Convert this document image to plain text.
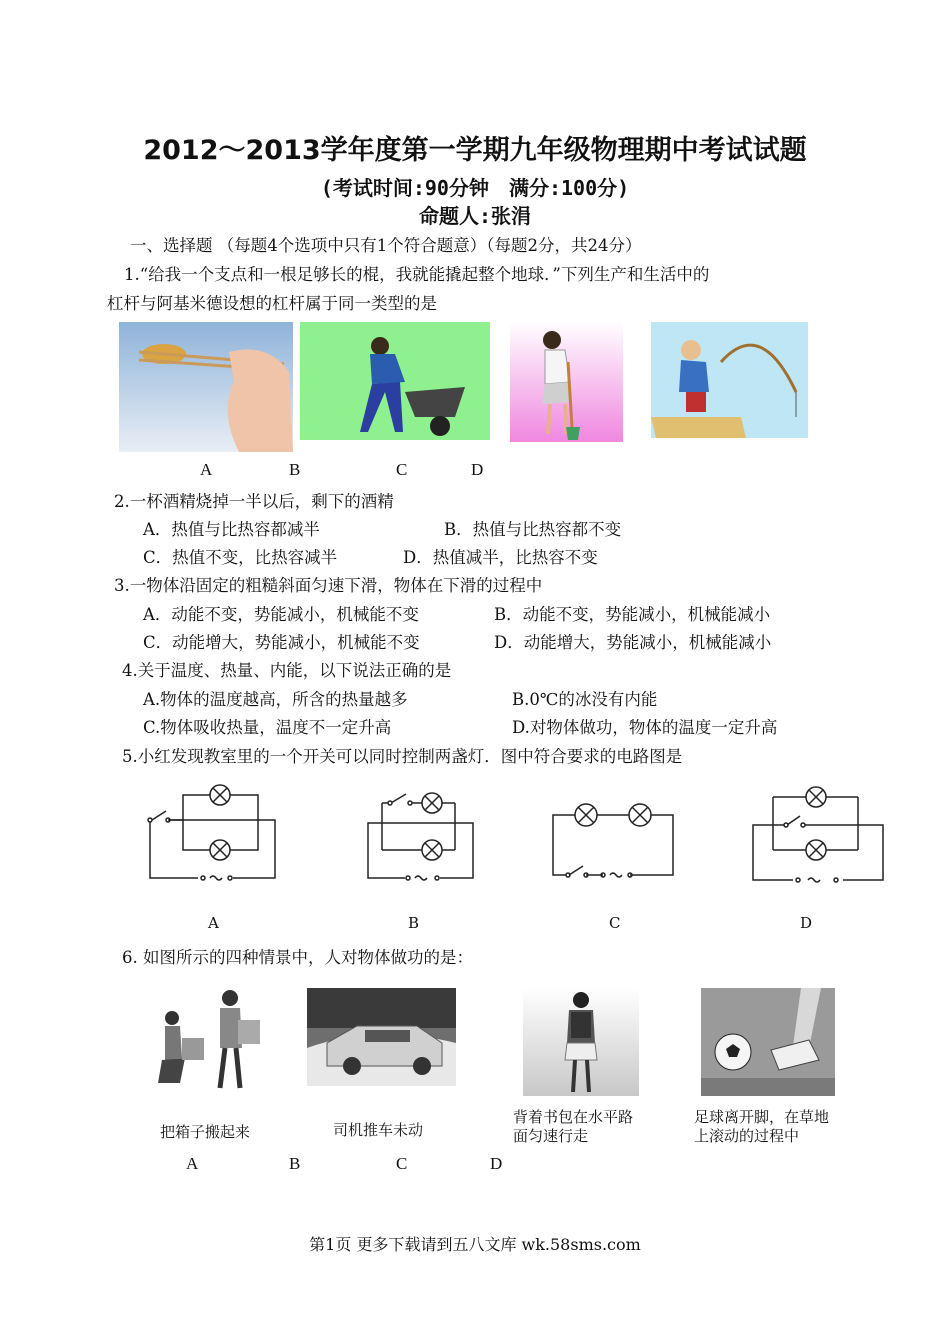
2012～2013学年度第一学期九年级物理期中考试试题
(考试时间:90分钟　满分:100分)
命题人:张涓
一、选择题 （每题4个选项中只有1个符合题意）（每题2分，共24分）
1.“给我一个支点和一根足够长的棍，我就能撬起整个地球．”下列生产和生活中的
杠杆与阿基米德设想的杠杆属于同一类型的是
A	B	C	D
2.一杯酒精烧掉一半以后，剩下的酒精
A．热值与比热容都减半	B．热值与比热容都不变
C．热值不变，比热容减半	D．热值减半，比热容不变
3.一物体沿固定的粗糙斜面匀速下滑，物体在下滑的过程中
A．动能不变，势能减小，机械能不变	B．动能不变，势能减小，机械能减小
C．动能增大，势能减小，机械能不变	D．动能增大，势能减小，机械能减小
4.关于温度、热量、内能，以下说法正确的是
A.物体的温度越高，所含的热量越多	B.0℃的冰没有内能
C.物体吸收热量，温度不一定升高	D.对物体做功，物体的温度一定升高
5.小红发现教室里的一个开关可以同时控制两盏灯．图中符合要求的电路图是
A	B	C	D
6. 如图所示的四种情景中，人对物体做功的是：
把箱子搬起来	司机推车未动
背着书包在水平路
面匀速行走
足球离开脚，在草地
上滚动的过程中
A	B	C	D
第1页 更多下载请到五八文库 wk.58sms.com
